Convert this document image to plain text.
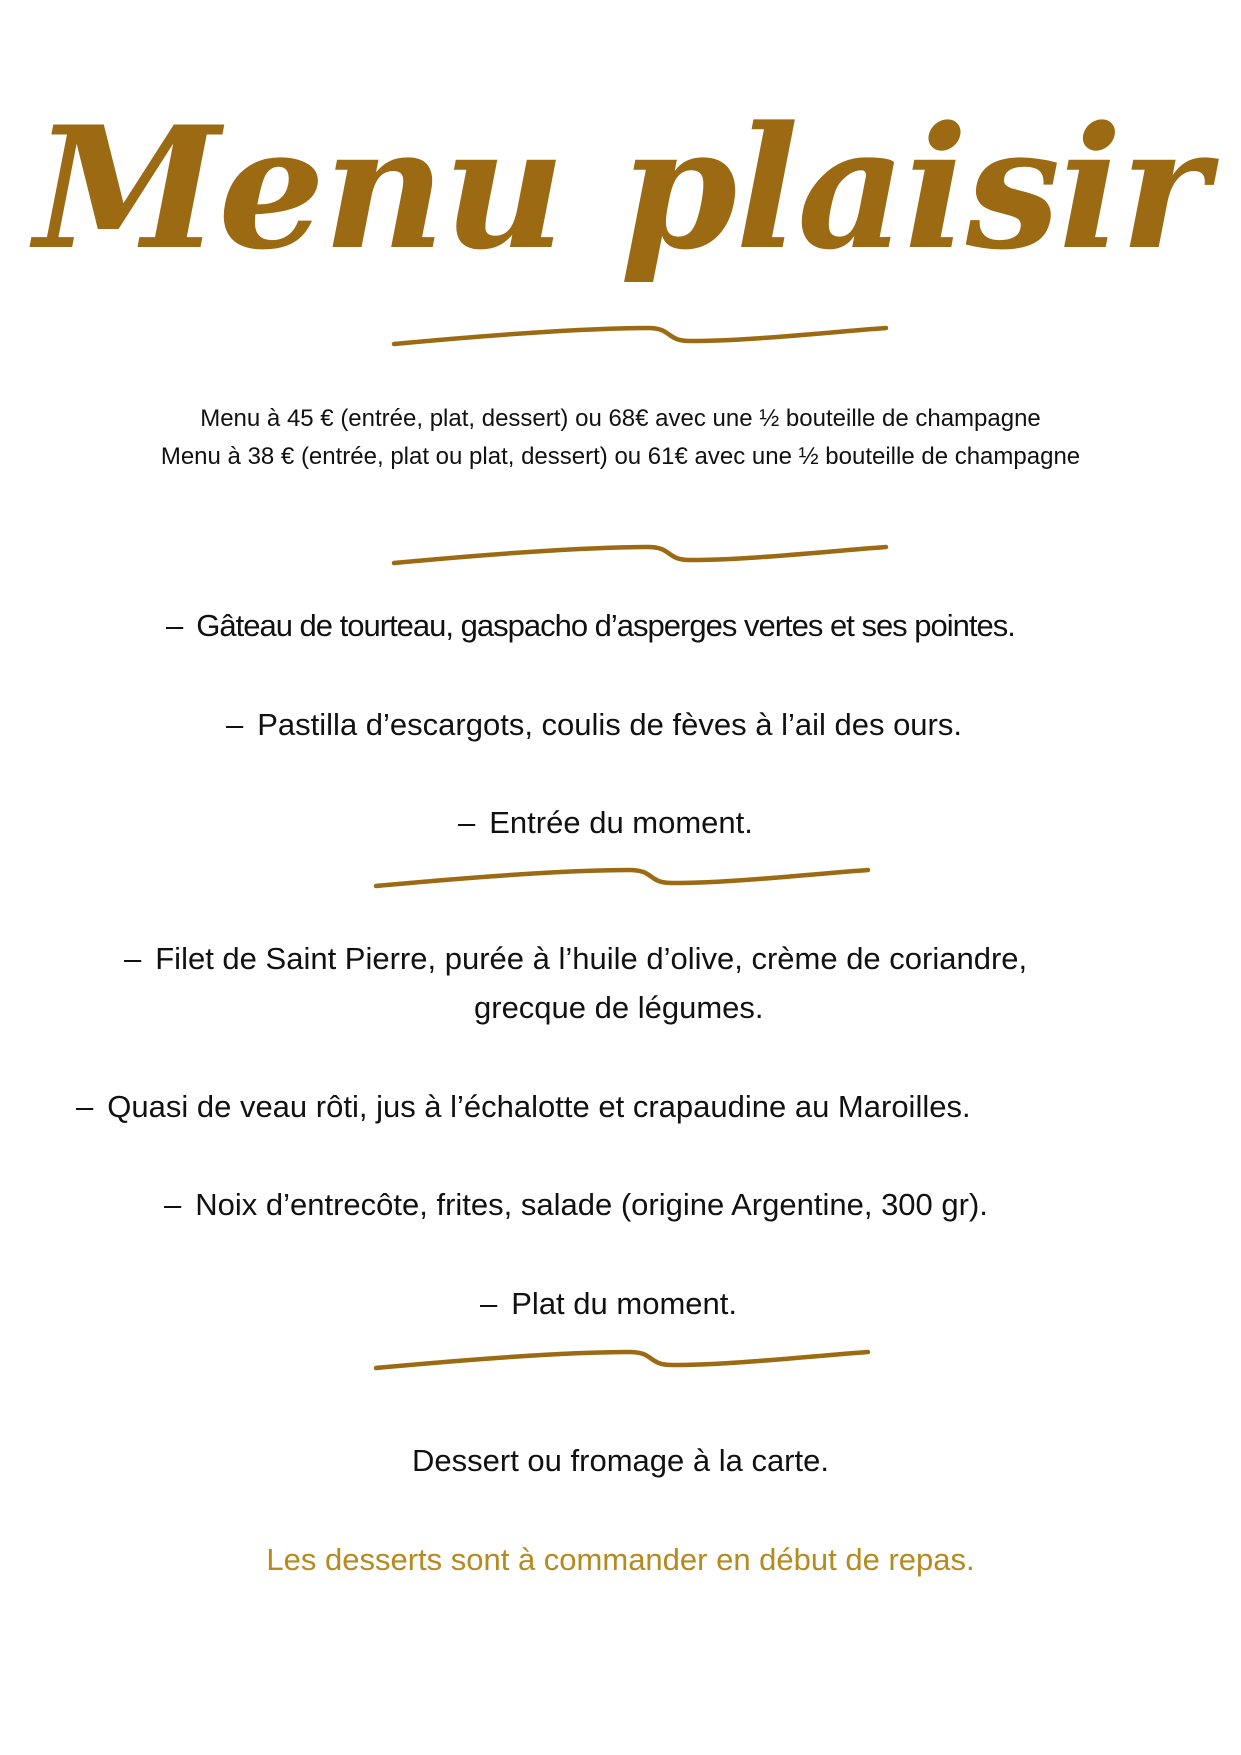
Menu plaisir
Menu à 45 € (entrée, plat, dessert) ou 68€ avec une ½ bouteille de champagne
Menu à 38 € (entrée, plat ou plat, dessert) ou 61€ avec une ½ bouteille de champagne
– Gâteau de tourteau, gaspacho d’asperges vertes et ses pointes.
– Pastilla d’escargots, coulis de fèves à l’ail des ours.
– Entrée du moment.
– Filet de Saint Pierre, purée à l’huile d’olive, crème de coriandre,
grecque de légumes.
– Quasi de veau rôti, jus à l’échalotte et crapaudine au Maroilles.
– Noix d’entrecôte, frites, salade (origine Argentine, 300 gr).
– Plat du moment.
Dessert ou fromage à la carte.
Les desserts sont à commander en début de repas.
